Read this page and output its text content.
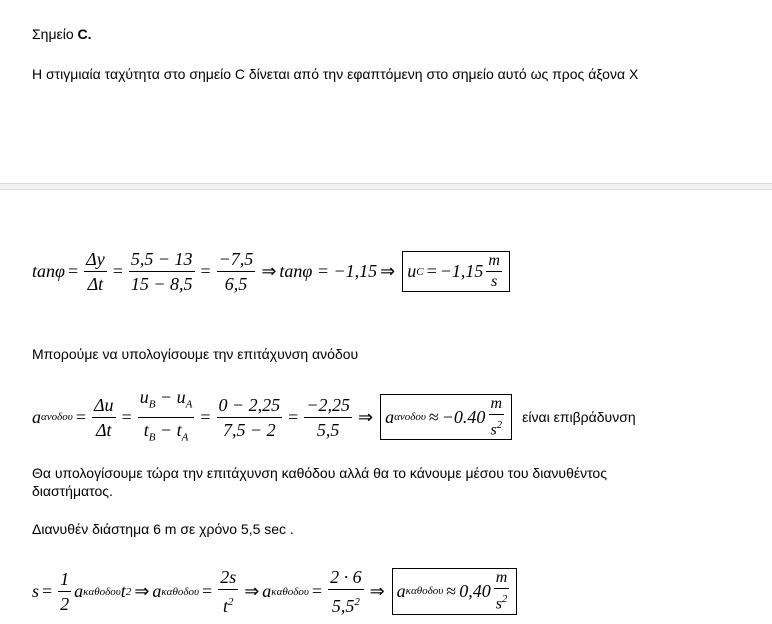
Σημείο C.
Η στιγμιαία ταχύτητα στο σημείο C δίνεται από την εφαπτόμενη στο σημείο αυτό ως προς άξονα X
$\tan\varphi = \frac{\Delta y}{\Delta t} = \frac{5,5 - 13}{15 - 8,5} = \frac{-7,5}{6,5}$ ⇒ tanφ = −1,15 ⇒ u $C = -1,15 \frac{m}{s}$
Μπορούμε να υπολογίσουμε την επιτάχυνση ανόδου
a $\alpha\nu o\delta o\upsilon = \frac{\Delta u}{\Delta t} = \frac{u_B - u_A}{t_B - t_A} = \frac{0 - 2,25}{7,5 - 2} = \frac{-2,25}{5,5}$ ⇒ a $\alpha\nu o\delta o\upsilon \approx -0.40 \frac{m}{s^2}$ είναι επιβράδυνση
Θα υπολογίσουμε τώρα την επιτάχυνση καθόδου αλλά θα το κάνουμε μέσου του διανυθέντος
διαστήματος.
Διανυθέν διάστημα 6 m σε χρόνο 5,5 sec .
$s = \frac{1}{2}$ a καθοδου t 2 ⇒ a $\kappa\alpha\theta o\delta o\upsilon = \frac{2s}{t^2}$ ⇒ a $\kappa\alpha\theta o\delta o\upsilon = \frac{2 \cdot 6}{5,5^2}$ ⇒ a $\kappa\alpha\theta o\delta o\upsilon \approx 0,40 \frac{m}{s^2}$
